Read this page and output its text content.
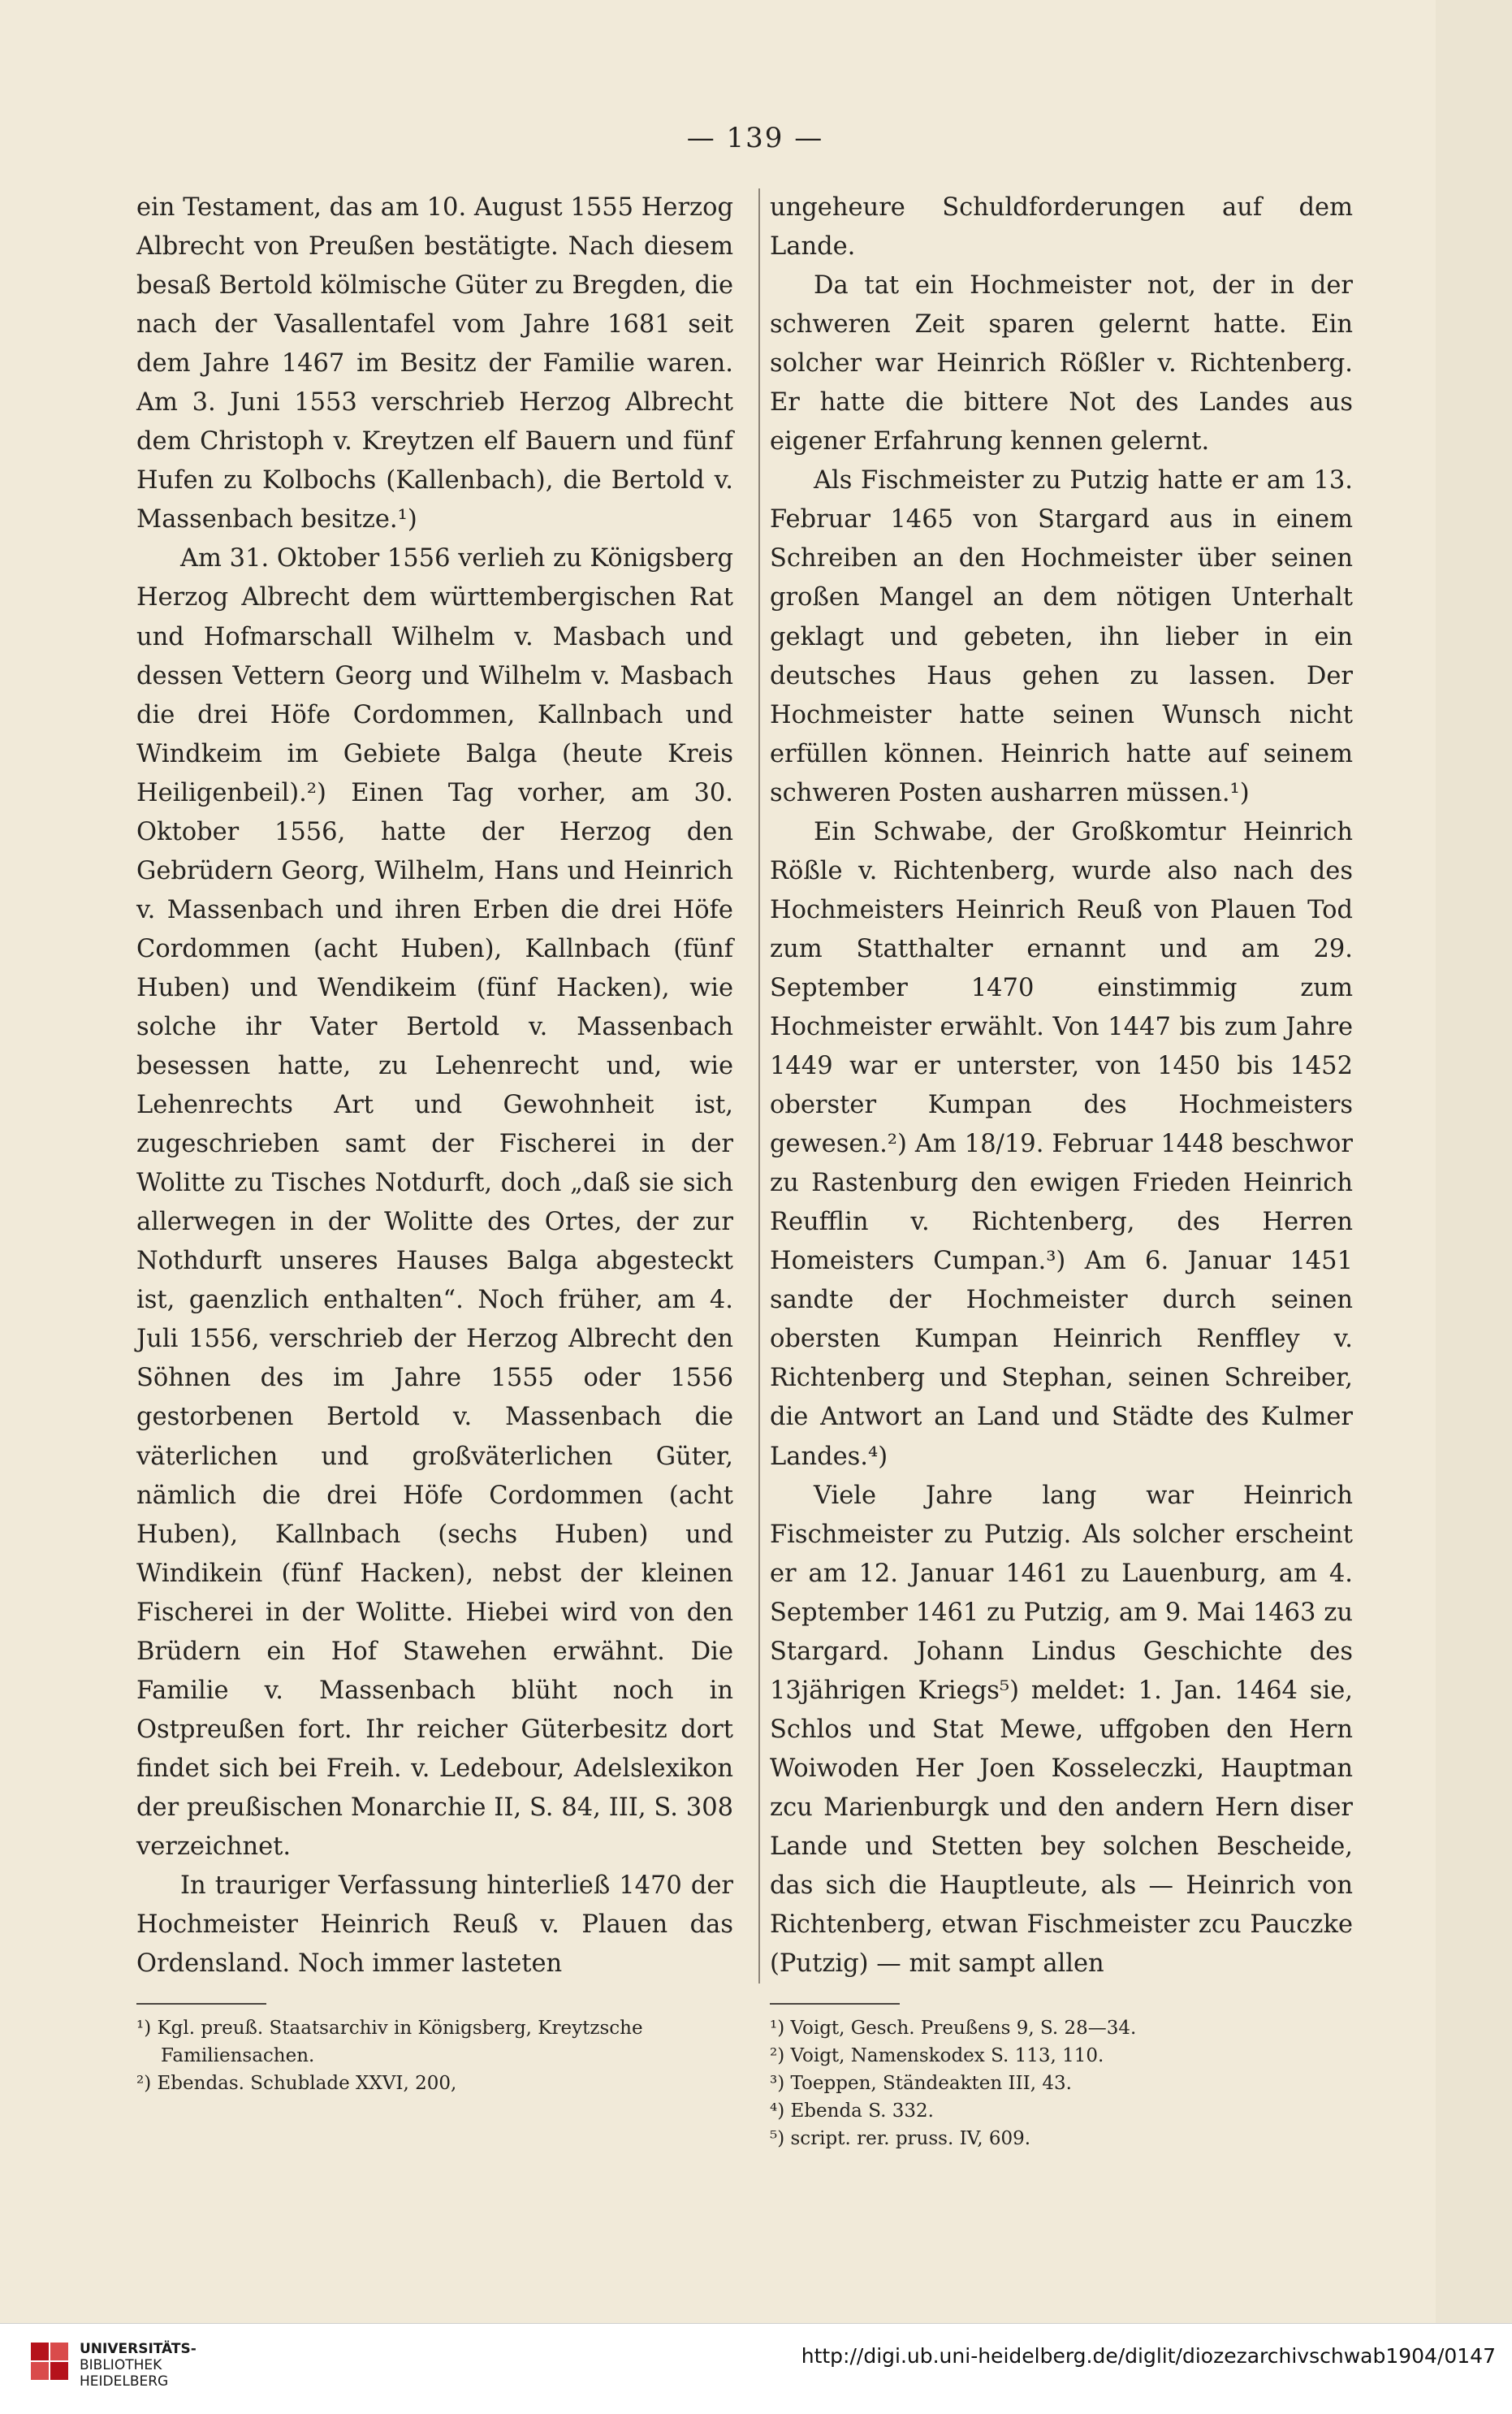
— 139 —

ein Testament, das am 10. August 1555 Herzog Albrecht von Preußen bestätigte. Nach diesem besaß Bertold kölmische Güter zu Bregden, die nach der Vasallentafel vom Jahre 1681 seit dem Jahre 1467 im Besitz der Familie waren. Am 3. Juni 1553 verschrieb Herzog Albrecht dem Christoph v. Kreytzen elf Bauern und fünf Hufen zu Kolbochs (Kallenbach), die Bertold v. Massenbach besitze.¹)

Am 31. Oktober 1556 verlieh zu Königsberg Herzog Albrecht dem württembergischen Rat und Hofmarschall Wilhelm v. Masbach und dessen Vettern Georg und Wilhelm v. Masbach die drei Höfe Cordommen, Kallnbach und Windkeim im Gebiete Balga (heute Kreis Heiligenbeil).²) Einen Tag vorher, am 30. Oktober 1556, hatte der Herzog den Gebrüdern Georg, Wilhelm, Hans und Heinrich v. Massenbach und ihren Erben die drei Höfe Cordommen (acht Huben), Kallnbach (fünf Huben) und Wendikeim (fünf Hacken), wie solche ihr Vater Bertold v. Massenbach besessen hatte, zu Lehenrecht und, wie Lehenrechts Art und Gewohnheit ist, zugeschrieben samt der Fischerei in der Wolitte zu Tisches Notdurft, doch „daß sie sich allerwegen in der Wolitte des Ortes, der zur Nothdurft unseres Hauses Balga abgesteckt ist, gaenzlich enthalten“. Noch früher, am 4. Juli 1556, verschrieb der Herzog Albrecht den Söhnen des im Jahre 1555 oder 1556 gestorbenen Bertold v. Massenbach die väterlichen und großväterlichen Güter, nämlich die drei Höfe Cordommen (acht Huben), Kallnbach (sechs Huben) und Windikein (fünf Hacken), nebst der kleinen Fischerei in der Wolitte. Hiebei wird von den Brüdern ein Hof Stawehen erwähnt. Die Familie v. Massenbach blüht noch in Ostpreußen fort. Ihr reicher Güterbesitz dort findet sich bei Freih. v. Ledebour, Adelslexikon der preußischen Monarchie II, S. 84, III, S. 308 verzeichnet.

In trauriger Verfassung hinterließ 1470 der Hochmeister Heinrich Reuß v. Plauen das Ordensland. Noch immer lasteten

¹) Kgl. preuß. Staatsarchiv in Königsberg, Kreytzsche Familiensachen.

²) Ebendas. Schublade XXVI, 200,

ungeheure Schuldforderungen auf dem Lande.

Da tat ein Hochmeister not, der in der schweren Zeit sparen gelernt hatte. Ein solcher war Heinrich Rößler v. Richtenberg. Er hatte die bittere Not des Landes aus eigener Erfahrung kennen gelernt.

Als Fischmeister zu Putzig hatte er am 13. Februar 1465 von Stargard aus in einem Schreiben an den Hochmeister über seinen großen Mangel an dem nötigen Unterhalt geklagt und gebeten, ihn lieber in ein deutsches Haus gehen zu lassen. Der Hochmeister hatte seinen Wunsch nicht erfüllen können. Heinrich hatte auf seinem schweren Posten ausharren müssen.¹)

Ein Schwabe, der Großkomtur Heinrich Rößle v. Richtenberg, wurde also nach des Hochmeisters Heinrich Reuß von Plauen Tod zum Statthalter ernannt und am 29. September 1470 einstimmig zum Hochmeister erwählt. Von 1447 bis zum Jahre 1449 war er unterster, von 1450 bis 1452 oberster Kumpan des Hochmeisters gewesen.²) Am 18/19. Februar 1448 beschwor zu Rastenburg den ewigen Frieden Heinrich Reufflin v. Richtenberg, des Herren Homeisters Cumpan.³) Am 6. Januar 1451 sandte der Hochmeister durch seinen obersten Kumpan Heinrich Renffley v. Richtenberg und Stephan, seinen Schreiber, die Antwort an Land und Städte des Kulmer Landes.⁴)

Viele Jahre lang war Heinrich Fischmeister zu Putzig. Als solcher erscheint er am 12. Januar 1461 zu Lauenburg, am 4. September 1461 zu Putzig, am 9. Mai 1463 zu Stargard. Johann Lindus Geschichte des 13jährigen Kriegs⁵) meldet: 1. Jan. 1464 sie, Schlos und Stat Mewe, uffgoben den Hern Woiwoden Her Joen Kosseleczki, Hauptman zcu Marienburgk und den andern Hern diser Lande und Stetten bey solchen Bescheide, das sich die Hauptleute, als — Heinrich von Richtenberg, etwan Fischmeister zcu Pauczke (Putzig) — mit sampt allen

¹) Voigt, Gesch. Preußens 9, S. 28—34.

²) Voigt, Namenskodex S. 113, 110.

³) Toeppen, Ständeakten III, 43.

⁴) Ebenda S. 332.

⁵) script. rer. pruss. IV, 609.

UNIVERSITÄTS-
BIBLIOTHEK
HEIDELBERG
http://digi.ub.uni-heidelberg.de/diglit/diozezarchivschwab1904/0147
